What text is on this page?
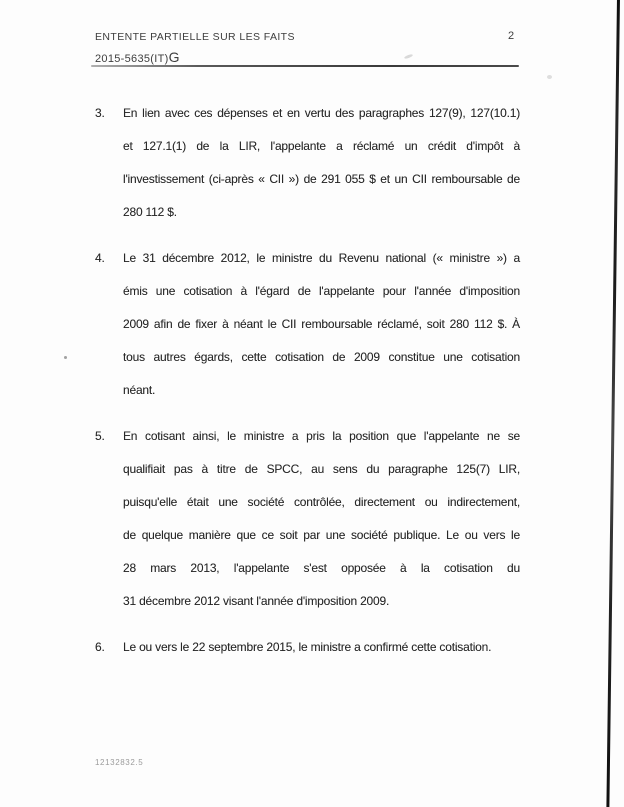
ENTENTE PARTIELLE SUR LES FAITS
2015-5635(IT)G
2
3. En lien avec ces dépenses et en vertu des paragraphes 127(9), 127(10.1)
et 127.1(1) de la LIR, l'appelante a réclamé un crédit d'impôt à
l'investissement (ci-après « CII ») de 291 055 $ et un CII remboursable de
280 112 $.
4. Le 31 décembre 2012, le ministre du Revenu national (« ministre ») a
émis une cotisation à l'égard de l'appelante pour l'année d'imposition
2009 afin de fixer à néant le CII remboursable réclamé, soit 280 112 $. À
tous autres égards, cette cotisation de 2009 constitue une cotisation
néant.
5. En cotisant ainsi, le ministre a pris la position que l'appelante ne se
qualifiait pas à titre de SPCC, au sens du paragraphe 125(7) LIR,
puisqu'elle était une société contrôlée, directement ou indirectement,
de quelque manière que ce soit par une société publique. Le ou vers le
28 mars 2013, l'appelante s'est opposée à la cotisation du
31 décembre 2012 visant l'année d'imposition 2009.
6. Le ou vers le 22 septembre 2015, le ministre a confirmé cette cotisation.
12132832.5
